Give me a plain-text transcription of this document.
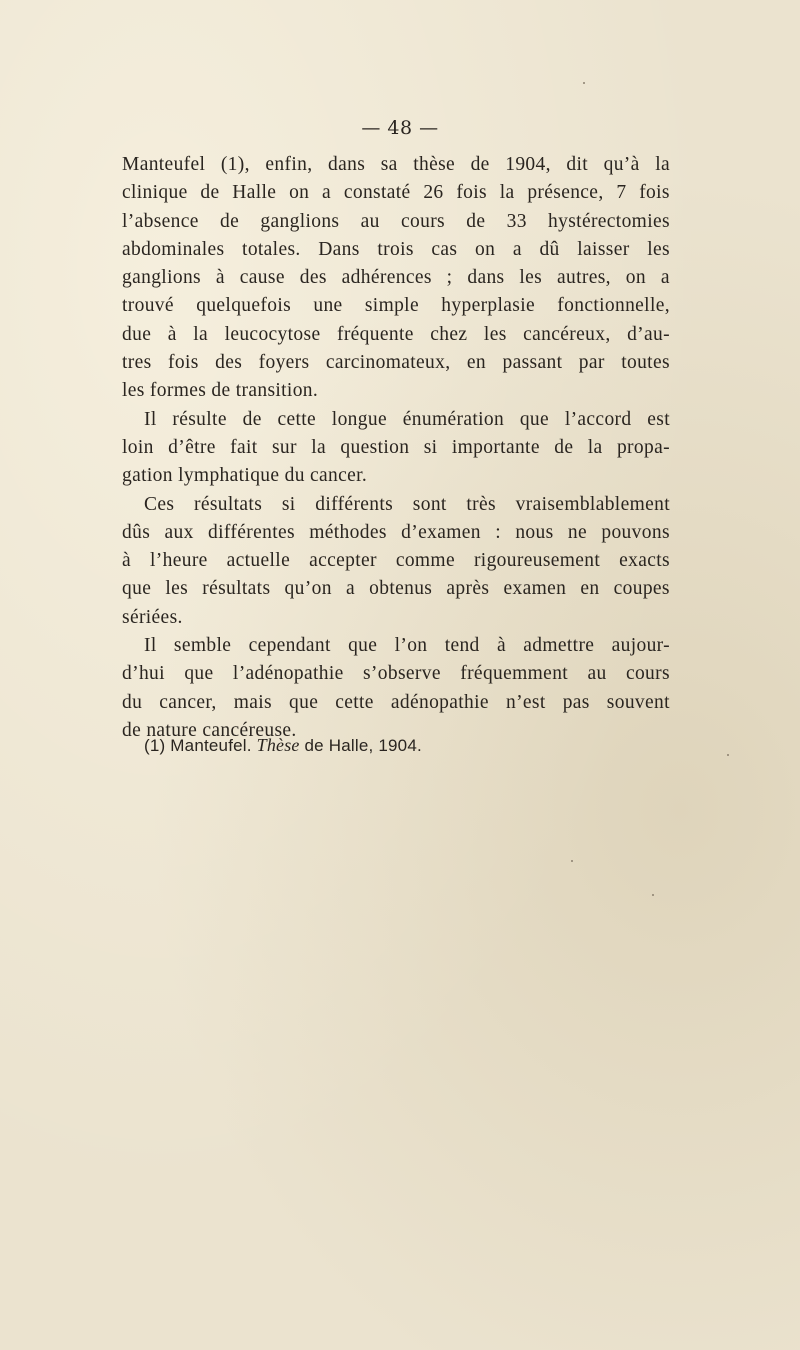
— 48 —
Manteufel (1), enfin, dans sa thèse de 1904, dit qu’à la
clinique de Halle on a constaté 26 fois la présence, 7 fois
l’absence de ganglions au cours de 33 hystérectomies
abdominales totales. Dans trois cas on a dû laisser les
ganglions à cause des adhérences ; dans les autres, on a
trouvé quelquefois une simple hyperplasie fonctionnelle,
due à la leucocytose fréquente chez les cancéreux, d’au-
tres fois des foyers carcinomateux, en passant par toutes
les formes de transition.
Il résulte de cette longue énumération que l’accord est
loin d’être fait sur la question si importante de la propa-
gation lymphatique du cancer.
Ces résultats si différents sont très vraisemblablement
dûs aux différentes méthodes d’examen : nous ne pouvons
à l’heure actuelle accepter comme rigoureusement exacts
que les résultats qu’on a obtenus après examen en coupes
sériées.
Il semble cependant que l’on tend à admettre aujour-
d’hui que l’adénopathie s’observe fréquemment au cours
du cancer, mais que cette adénopathie n’est pas souvent
de nature cancéreuse.
(1) Manteufel. Thèse de Halle, 1904.
